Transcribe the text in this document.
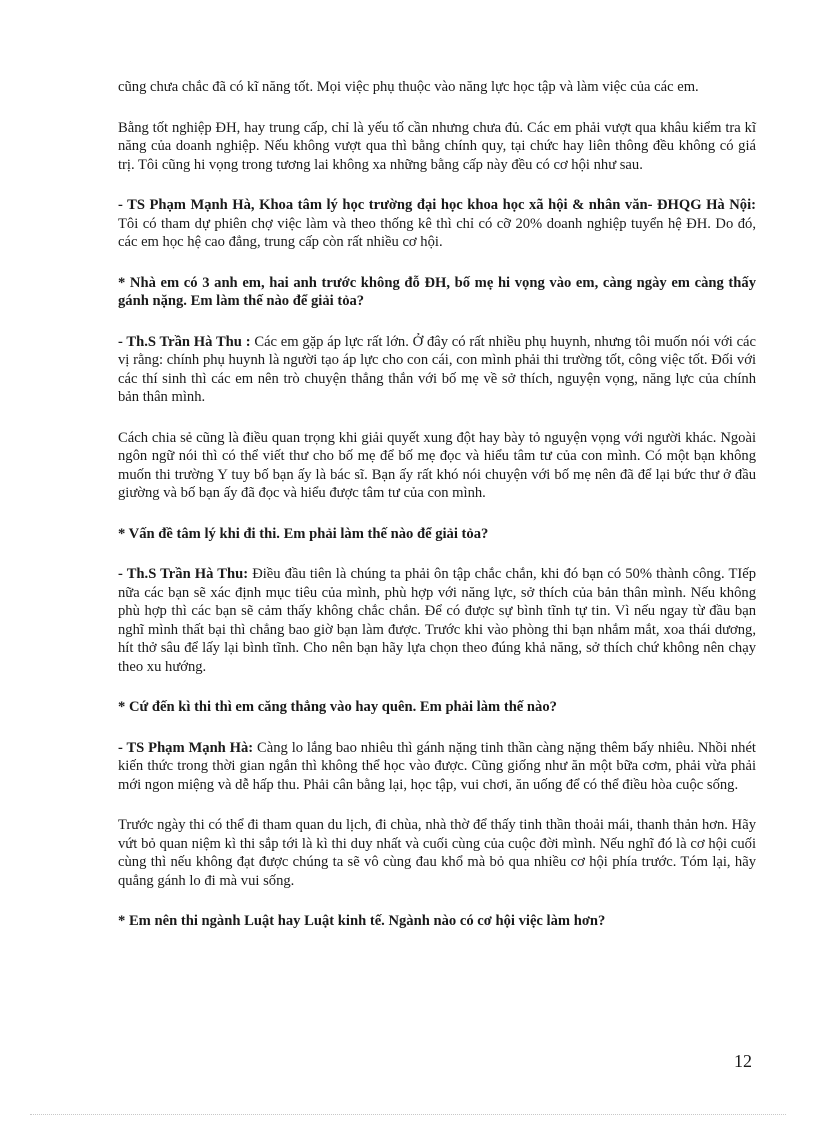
cũng chưa chắc đã có kĩ năng tốt. Mọi việc phụ thuộc vào năng lực học tập và làm việc của các em.

Bằng tốt nghiệp ĐH, hay trung cấp, chỉ là yếu tố cần nhưng chưa đủ. Các em phải vượt qua khâu kiểm tra kĩ năng của doanh nghiệp. Nếu không vượt qua thì bằng chính quy, tại chức hay liên thông đều không có giá trị. Tôi cũng hi vọng trong tương lai không xa những bằng cấp này đều có cơ hội như sau.

- TS Phạm Mạnh Hà, Khoa tâm lý học trường đại học khoa học xã hội & nhân văn- ĐHQG Hà Nội: Tôi có tham dự phiên chợ việc làm và theo thống kê thì chỉ có cỡ 20% doanh nghiệp tuyển hệ ĐH. Do đó, các em học hệ cao đẳng, trung cấp còn rất nhiều cơ hội.

* Nhà em có 3 anh em, hai anh trước không đỗ ĐH, bố mẹ hi vọng vào em, càng ngày em càng thấy gánh nặng. Em làm thế nào để giải tỏa?

- Th.S Trần Hà Thu : Các em gặp áp lực rất lớn. Ở đây có rất nhiều phụ huynh, nhưng tôi muốn nói với các vị rằng: chính phụ huynh là người tạo áp lực cho con cái, con mình phải thi trường tốt, công việc tốt. Đối với các thí sinh thì các em nên trò chuyện thẳng thắn với bố mẹ về sở thích, nguyện vọng, năng lực của chính bản thân mình.

Cách chia sẻ cũng là điều quan trọng khi giải quyết xung đột hay bày tỏ nguyện vọng với người khác. Ngoài ngôn ngữ nói thì có thể viết thư cho bố mẹ để bố mẹ đọc và hiểu tâm tư của con mình. Có một bạn không muốn thi trường Y tuy bố bạn ấy là bác sĩ. Bạn ấy rất khó nói chuyện với bố mẹ nên đã để lại bức thư ở đầu giường và bố bạn ấy đã đọc và hiểu được tâm tư của con mình.

* Vấn đề tâm lý khi đi thi. Em phải làm thế nào để giải tỏa?

- Th.S Trần Hà Thu: Điều đầu tiên là chúng ta phải ôn tập chắc chắn, khi đó bạn có 50% thành công. TIếp nữa các bạn sẽ xác định mục tiêu của mình, phù hợp với năng lực, sở thích của bản thân mình. Nếu không phù hợp thì các bạn sẽ cảm thấy không chắc chắn. Để có được sự bình tĩnh tự tin. Vì nếu ngay từ đầu bạn nghĩ mình thất bại thì chẳng bao giờ bạn làm được. Trước khi vào phòng thi bạn nhắm mắt, xoa thái dương, hít thở sâu để lấy lại bình tĩnh. Cho nên bạn hãy lựa chọn theo đúng khả năng, sở thích chứ không nên chạy theo xu hướng.

* Cứ đến kì thi thì em căng thẳng vào hay quên. Em phải làm thế nào?

- TS Phạm Mạnh Hà: Càng lo lắng bao nhiêu thì gánh nặng tinh thần càng nặng thêm bấy nhiêu. Nhồi nhét kiến thức trong thời gian ngắn thì không thể học vào được. Cũng giống như ăn một bữa cơm, phải vừa phải mới ngon miệng và dễ hấp thu. Phải cân bằng lại, học tập, vui chơi, ăn uống để có thể điều hòa cuộc sống.

Trước ngày thi có thể đi tham quan du lịch, đi chùa, nhà thờ để thấy tinh thần thoải mái, thanh thản hơn. Hãy vứt bỏ quan niệm kì thi sắp tới là kì thi duy nhất và cuối cùng của cuộc đời mình. Nếu nghĩ đó là cơ hội cuối cùng thì nếu không đạt được chúng ta sẽ vô cùng đau khổ mà bỏ qua nhiều cơ hội phía trước. Tóm lại, hãy quẳng gánh lo đi mà vui sống.

* Em nên thi ngành Luật hay Luật kinh tế. Ngành nào có cơ hội việc làm hơn?

12
